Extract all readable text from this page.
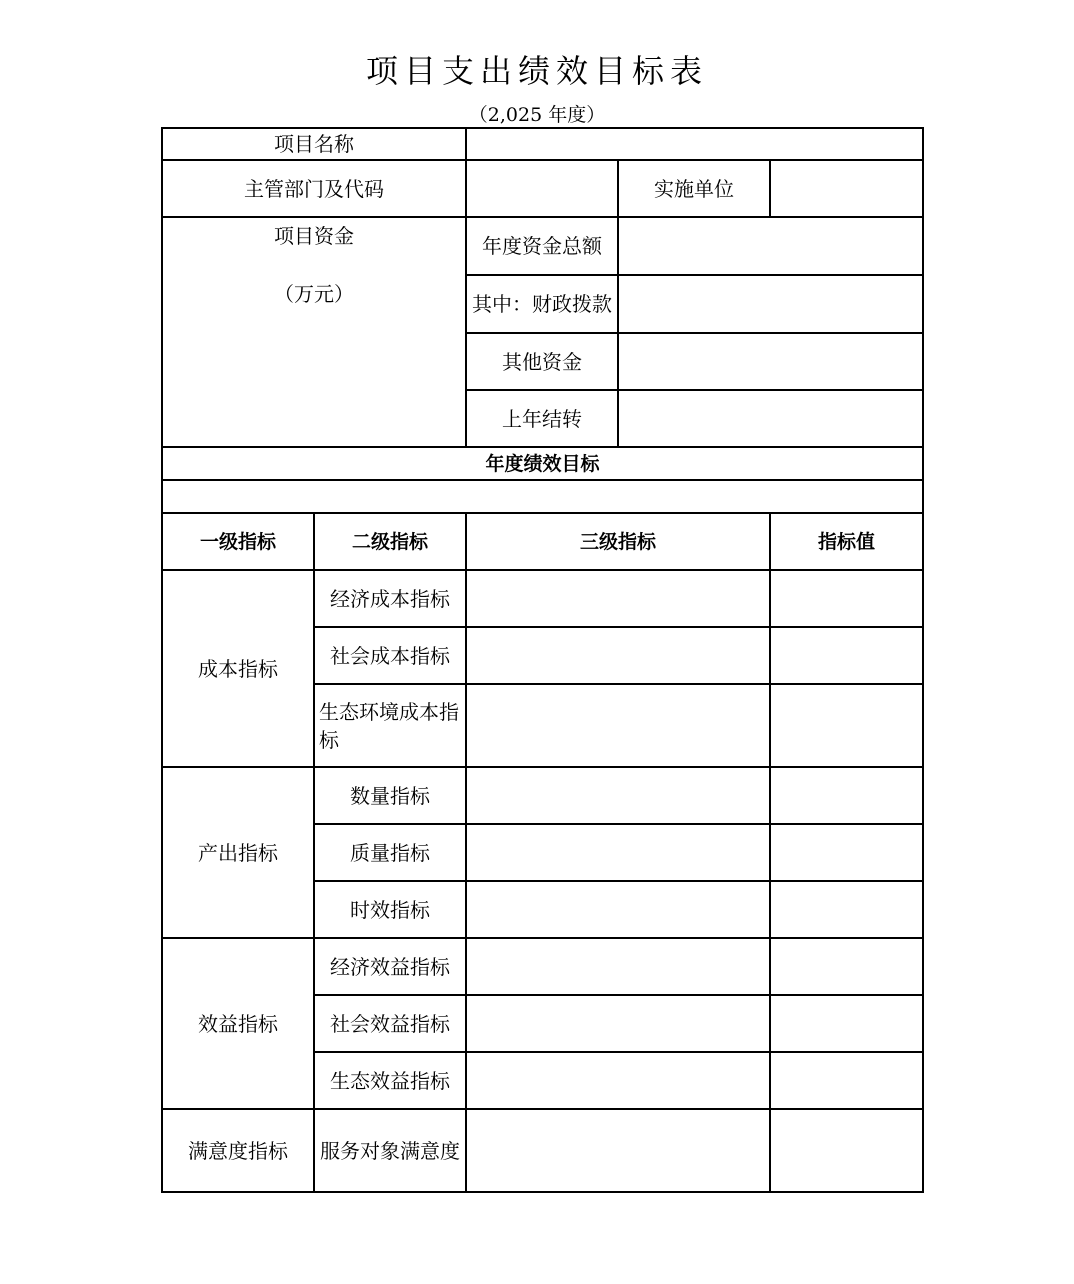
项目支出绩效目标表
（2,025 年度）
项目名称				
主管部门及代码			实施单位	
项目资金
（万元）		年度资金总额		
		其中：财政拨款		
		其他资金		
		上年结转		
年度绩效目标				

一级指标	二级指标	三级指标		指标值
成本指标	经济成本指标			
	社会成本指标			
	生态环境成本指标			
产出指标	数量指标			
	质量指标			
	时效指标			
效益指标	经济效益指标			
	社会效益指标			
	生态效益指标			
满意度指标	服务对象满意度			
